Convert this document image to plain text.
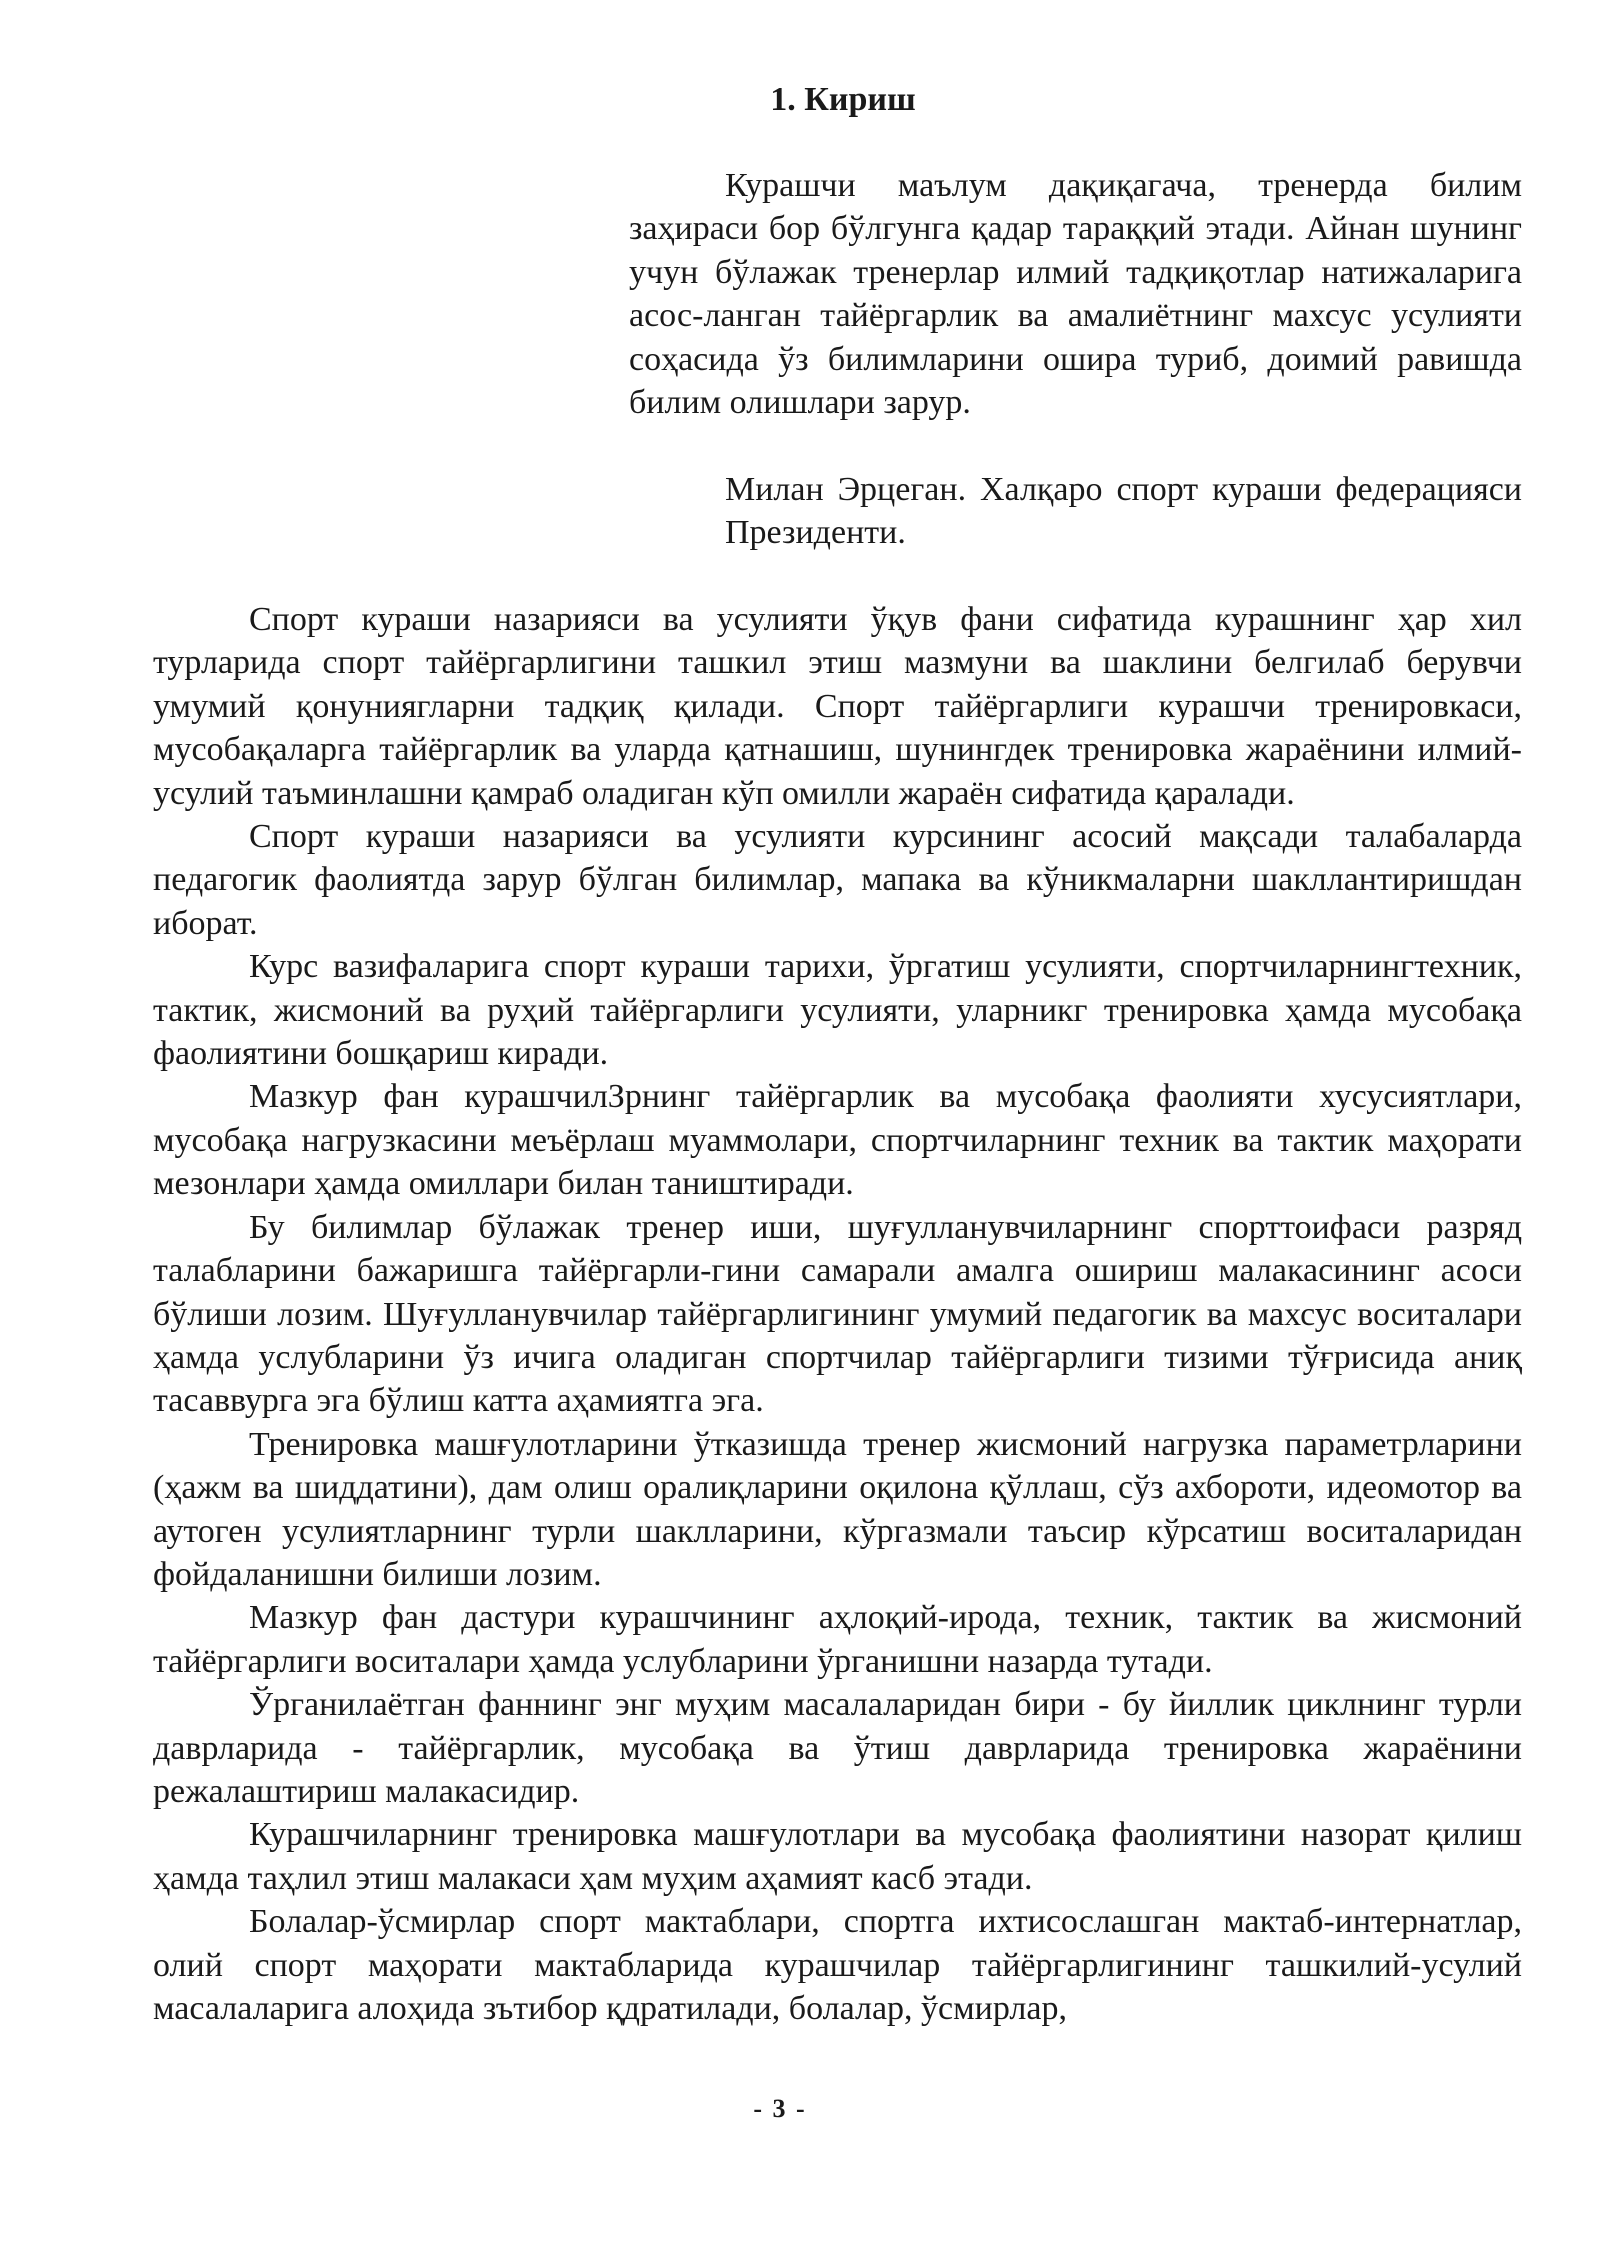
1. Кириш

Курашчи маълум дақиқагача, тренерда билим заҳираси бор бўлгунга қадар тараққий этади. Айнан шунинг учун бўлажак тренерлар илмий тадқиқотлар натижаларига асос-ланган тайёргарлик ва амалиётнинг махсус усулияти соҳасида ўз билимларини ошира туриб, доимий равишда билим олишлари зарур.

Милан Эрцеган. Халқаро спорт кураши федерацияси Президенти.

Спорт кураши назарияси ва усулияти ўқув фани сифатида курашнинг ҳар хил турларида спорт тайёргарлигини ташкил этиш мазмуни ва шаклини белгилаб берувчи умумий қонуниягларни тадқиқ қилади. Спорт тайёргарлиги курашчи тренировкаси, мусобақаларга тайёргарлик ва уларда қатнашиш, шунингдек тренировка жараёнини илмий-усулий таъминлашни қамраб оладиган кўп омилли жараён сифатида қаралади.

Спорт кураши назарияси ва усулияти курсининг асосий мақсади талабаларда педагогик фаолиятда зарур бўлган билимлар, мапака ва кўникмаларни шакллантиришдан иборат.

Курс вазифаларига спорт кураши тарихи, ўргатиш усулияти, спортчиларнингтехник, тактик, жисмоний ва руҳий тайёргарлиги усулияти, уларникг тренировка ҳамда мусобақа фаолиятини бошқариш киради.

Мазкур фан курашчилЗрнинг тайёргарлик ва мусобақа фаолияти хусусиятлари, мусобақа нагрузкасини меъёрлаш муаммолари, спортчиларнинг техник ва тактик маҳорати мезонлари ҳамда омиллари билан таништиради.

Бу билимлар бўлажак тренер иши, шуғулланувчиларнинг спорттоифаси разряд талабларини бажаришга тайёргарли-гини самарали амалга ошириш малакасининг асоси бўлиши лозим. Шуғулланувчилар тайёргарлигининг умумий педагогик ва махсус воситалари ҳамда услубларини ўз ичига оладиган спортчилар тайёргарлиги тизими тўғрисида аниқ тасаввурга эга бўлиш катта аҳамиятга эга.

Тренировка машғулотларини ўтказишда тренер жисмоний нагрузка параметрларини (ҳажм ва шиддатини), дам олиш оралиқларини оқилона қўллаш, сўз ахбороти, идеомотор ва аутоген усулиятларнинг турли шаклларини, кўргазмали таъсир кўрсатиш воситаларидан фойдаланишни билиши лозим.

Мазкур фан дастури курашчининг аҳлоқий-ирода, техник, тактик ва жисмоний тайёргарлиги воситалари ҳамда услубларини ўрганишни назарда тутади.

Ўрганилаётган фаннинг энг муҳим масалаларидан бири - бу йиллик циклнинг турли даврларида - тайёргарлик, мусобақа ва ўтиш даврларида тренировка жараёнини режалаштириш малакасидир.

Курашчиларнинг тренировка машғулотлари ва мусобақа фаолиятини назорат қилиш ҳамда таҳлил этиш малакаси ҳам муҳим аҳамият касб этади.

Болалар-ўсмирлар спорт мактаблари, спортга ихтисослашган мактаб-интернатлар, олий спорт маҳорати мактабларида курашчилар тайёргарлигининг ташкилий-усулий масалаларига алоҳида зътибор қдратилади, болалар, ўсмирлар,

- 3 -
